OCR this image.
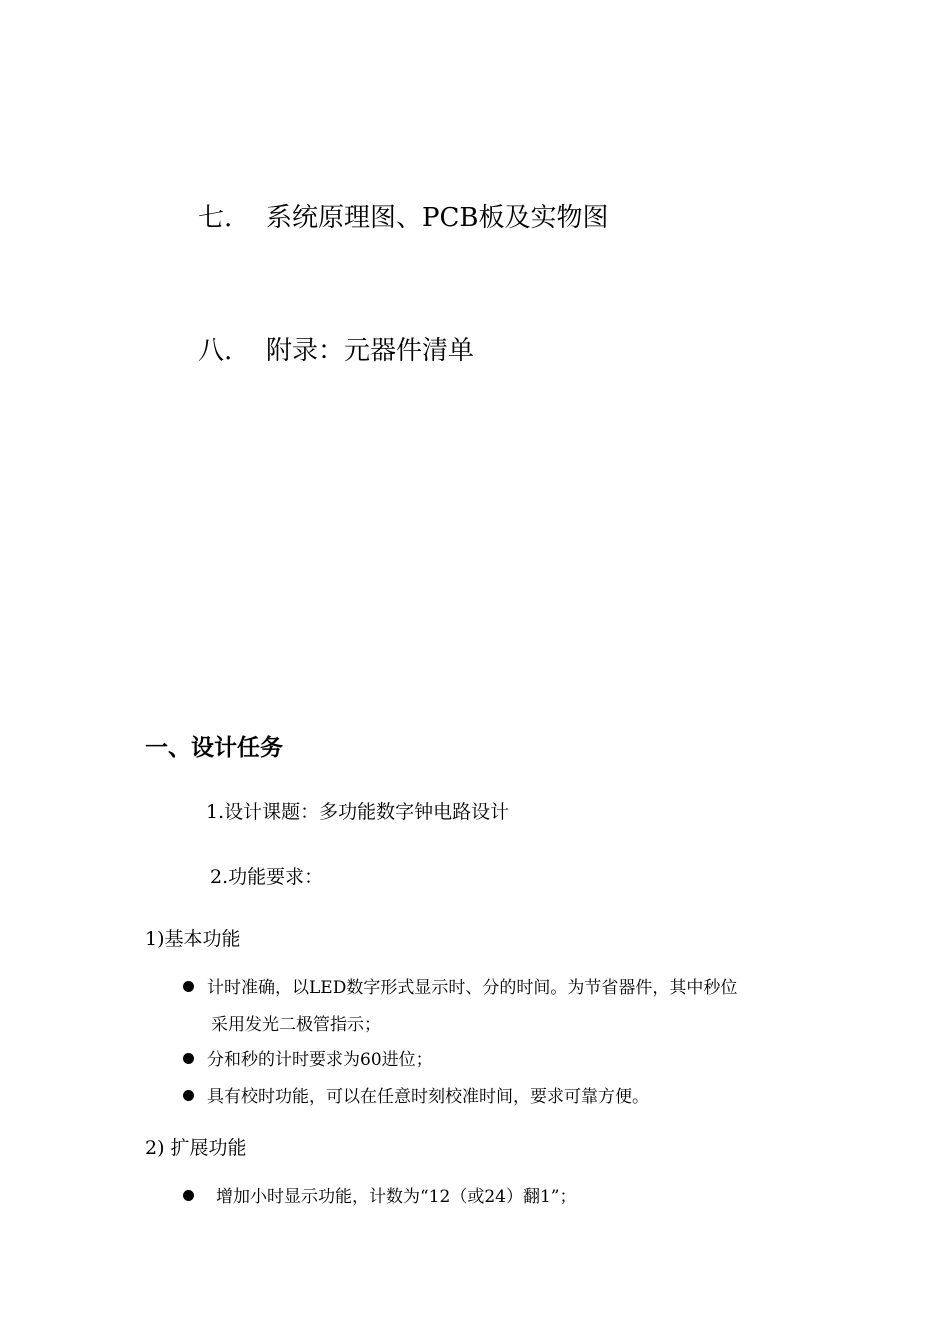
七. 系统原理图、PCB板及实物图
八. 附录：元器件清单
一、设计任务
1.设计课题：多功能数字钟电路设计
2.功能要求：
1)基本功能
计时准确，以LED数字形式显示时、分的时间。为节省器件，其中秒位
采用发光二极管指示；
分和秒的计时要求为60进位；
具有校时功能，可以在任意时刻校准时间，要求可靠方便。
2) 扩展功能
增加小时显示功能，计数为“12（或24）翻1”；
